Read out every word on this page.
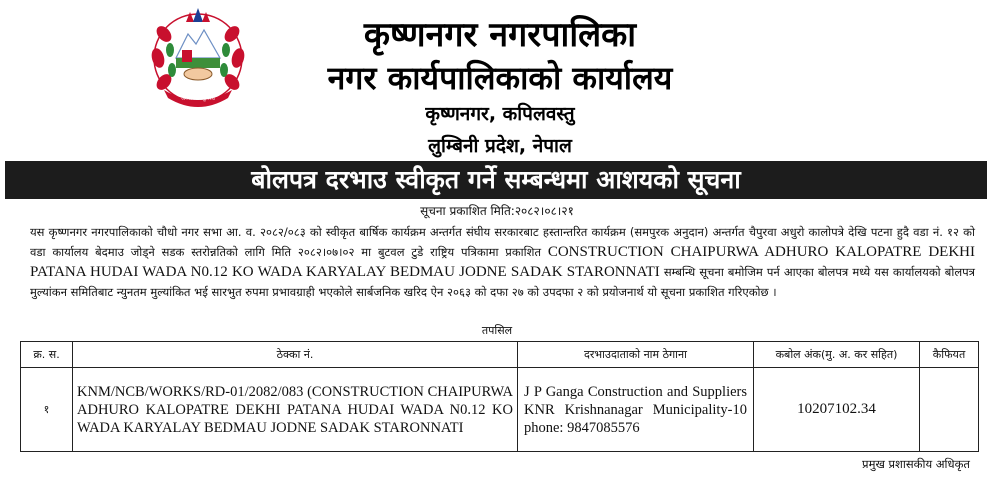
जननी जन्मभूमिश्च
कृष्णनगर नगरपालिका
नगर कार्यपालिकाको कार्यालय
कृष्णनगर, कपिलवस्तु
लुम्बिनी प्रदेश, नेपाल
बोलपत्र दरभाउ स्वीकृत गर्ने सम्बन्धमा आशयको सूचना
सूचना प्रकाशित मिति:२०८२।०८।२१

यस कृष्णनगर नगरपालिकाको चौधो नगर सभा आ. व. २०८२/०८३ को स्वीकृत बार्षिक कार्यक्रम अन्तर्गत संघीय सरकारबाट हस्तान्तरित कार्यक्रम (समपुरक अनुदान) अन्तर्गत चैपुरवा अधुरो कालोपत्रे देखि पटना हुदै वडा नं. १२ को वडा कार्यालय बेदमाउ जोड्ने सडक स्तरोन्नतिको लागि मिति २०८२।०७।०२ मा बुटवल टुडे राष्ट्रिय पत्रिकामा प्रकाशित CONSTRUCTION CHAIPURWA ADHURO KALOPATRE DEKHI PATANA HUDAI WADA N0.12 KO WADA KARYALAY BEDMAU JODNE SADAK STARONNATI सम्बन्धि सूचना बमोजिम पर्न आएका बोलपत्र मध्ये यस कार्यालयको बोलपत्र मुल्यांकन समितिबाट न्युनतम मुल्यांकित भई सारभुत रुपमा प्रभावग्राही भएकोले सार्बजनिक खरिद ऐन २०६३ को दफा २७ को उपदफा २ को प्रयोजनार्थ यो सूचना प्रकाशित गरिएकोछ ।

तपसिल
क्र. स.	ठेक्का नं.	दरभाउदाताको नाम ठेगाना	कबोल अंक(मु. अ. कर सहित)	कैफियत
१	KNM/NCB/WORKS/RD-01/2082/083 (CONSTRUCTION CHAIPURWA ADHURO KALOPATRE DEKHI PATANA HUDAI WADA N0.12 KO WADA KARYALAY BEDMAU JODNE SADAK STARONNATI	J P Ganga Construction and Suppliers KNR Krishnanagar Municipality-10 phone: 9847085576	10207102.34	
प्रमुख प्रशासकीय अधिकृत
